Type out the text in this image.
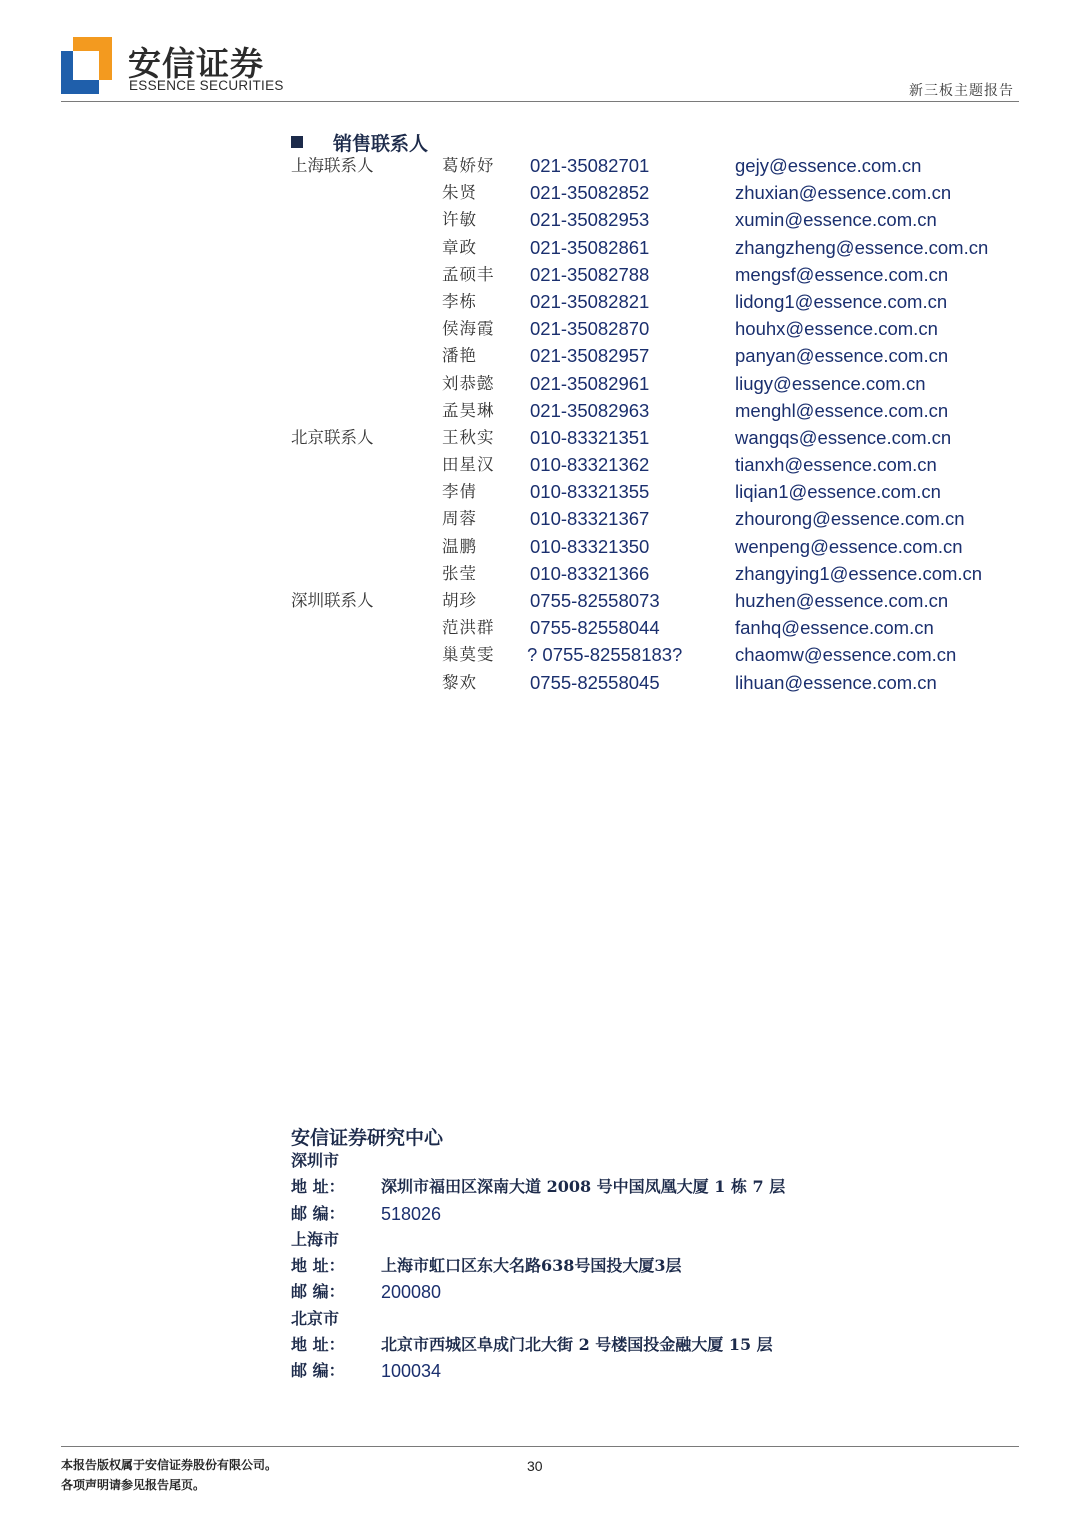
安信证券
ESSENCE SECURITIES	新三板主题报告
销售联系人
上海联系人	葛娇妤 021-35082701	gejy@essence.com.cn
朱贤	021-35082852	zhuxian@essence.com.cn
许敏	021-35082953	xumin@essence.com.cn
章政	021-35082861	zhangzheng@essence.com.cn
孟硕丰 021-35082788	mengsf@essence.com.cn
李栋	021-35082821	lidong1@essence.com.cn
侯海霞 021-35082870	houhx@essence.com.cn
潘艳	021-35082957	panyan@essence.com.cn
刘恭懿 021-35082961	liugy@essence.com.cn
孟昊琳 021-35082963	menghl@essence.com.cn
北京联系人	王秋实 010-83321351	wangqs@essence.com.cn
田星汉 010-83321362	tianxh@essence.com.cn
李倩	010-83321355	liqian1@essence.com.cn
周蓉	010-83321367	zhourong@essence.com.cn
温鹏	010-83321350	wenpeng@essence.com.cn
张莹	010-83321366	zhangying1@essence.com.cn
深圳联系人	胡珍	0755-82558073	huzhen@essence.com.cn
范洪群 0755-82558044	fanhq@essence.com.cn
巢莫雯 ? 0755-82558183?	chaomw@essence.com.cn
黎欢	0755-82558045	lihuan@essence.com.cn
安信证券研究中心
深圳市
地 址： 深圳市福田区深南大道 2008 号中国凤凰大厦 1 栋 7 层
邮 编： 518026
上海市
地 址： 上海市虹口区东大名路638号国投大厦3层
邮 编： 200080
北京市
地 址： 北京市西城区阜成门北大街 2 号楼国投金融大厦 15 层
邮 编： 100034
本报告版权属于安信证券股份有限公司。
各项声明请参见报告尾页。
30
